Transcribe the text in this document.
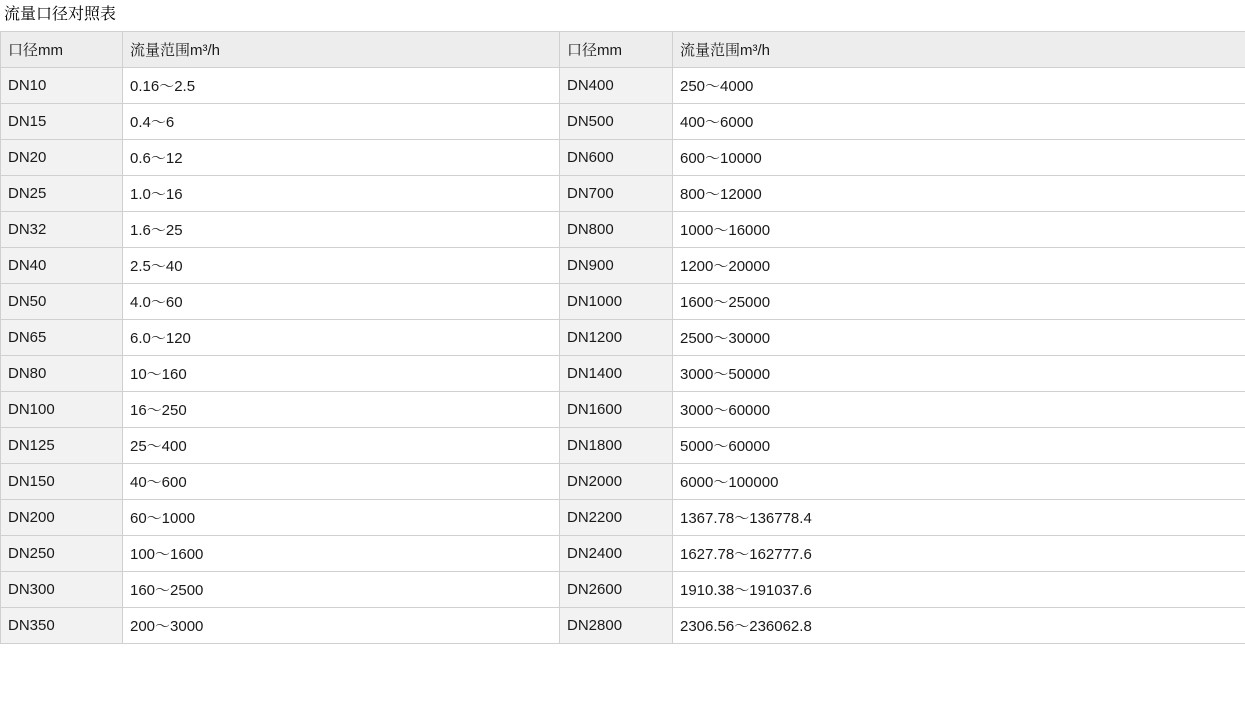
流量口径对照表
口径mm	流量范围m³/h	口径mm	流量范围m³/h
DN10	0.16～2.5	DN400	250～4000
DN15	0.4～6	DN500	400～6000
DN20	0.6～12	DN600	600～10000
DN25	1.0～16	DN700	800～12000
DN32	1.6～25	DN800	1000～16000
DN40	2.5～40	DN900	1200～20000
DN50	4.0～60	DN1000	1600～25000
DN65	6.0～120	DN1200	2500～30000
DN80	10～160	DN1400	3000～50000
DN100	16～250	DN1600	3000～60000
DN125	25～400	DN1800	5000～60000
DN150	40～600	DN2000	6000～100000
DN200	60～1000	DN2200	1367.78～136778.4
DN250	100～1600	DN2400	1627.78～162777.6
DN300	160～2500	DN2600	1910.38～191037.6
DN350	200～3000	DN2800	2306.56～236062.8
